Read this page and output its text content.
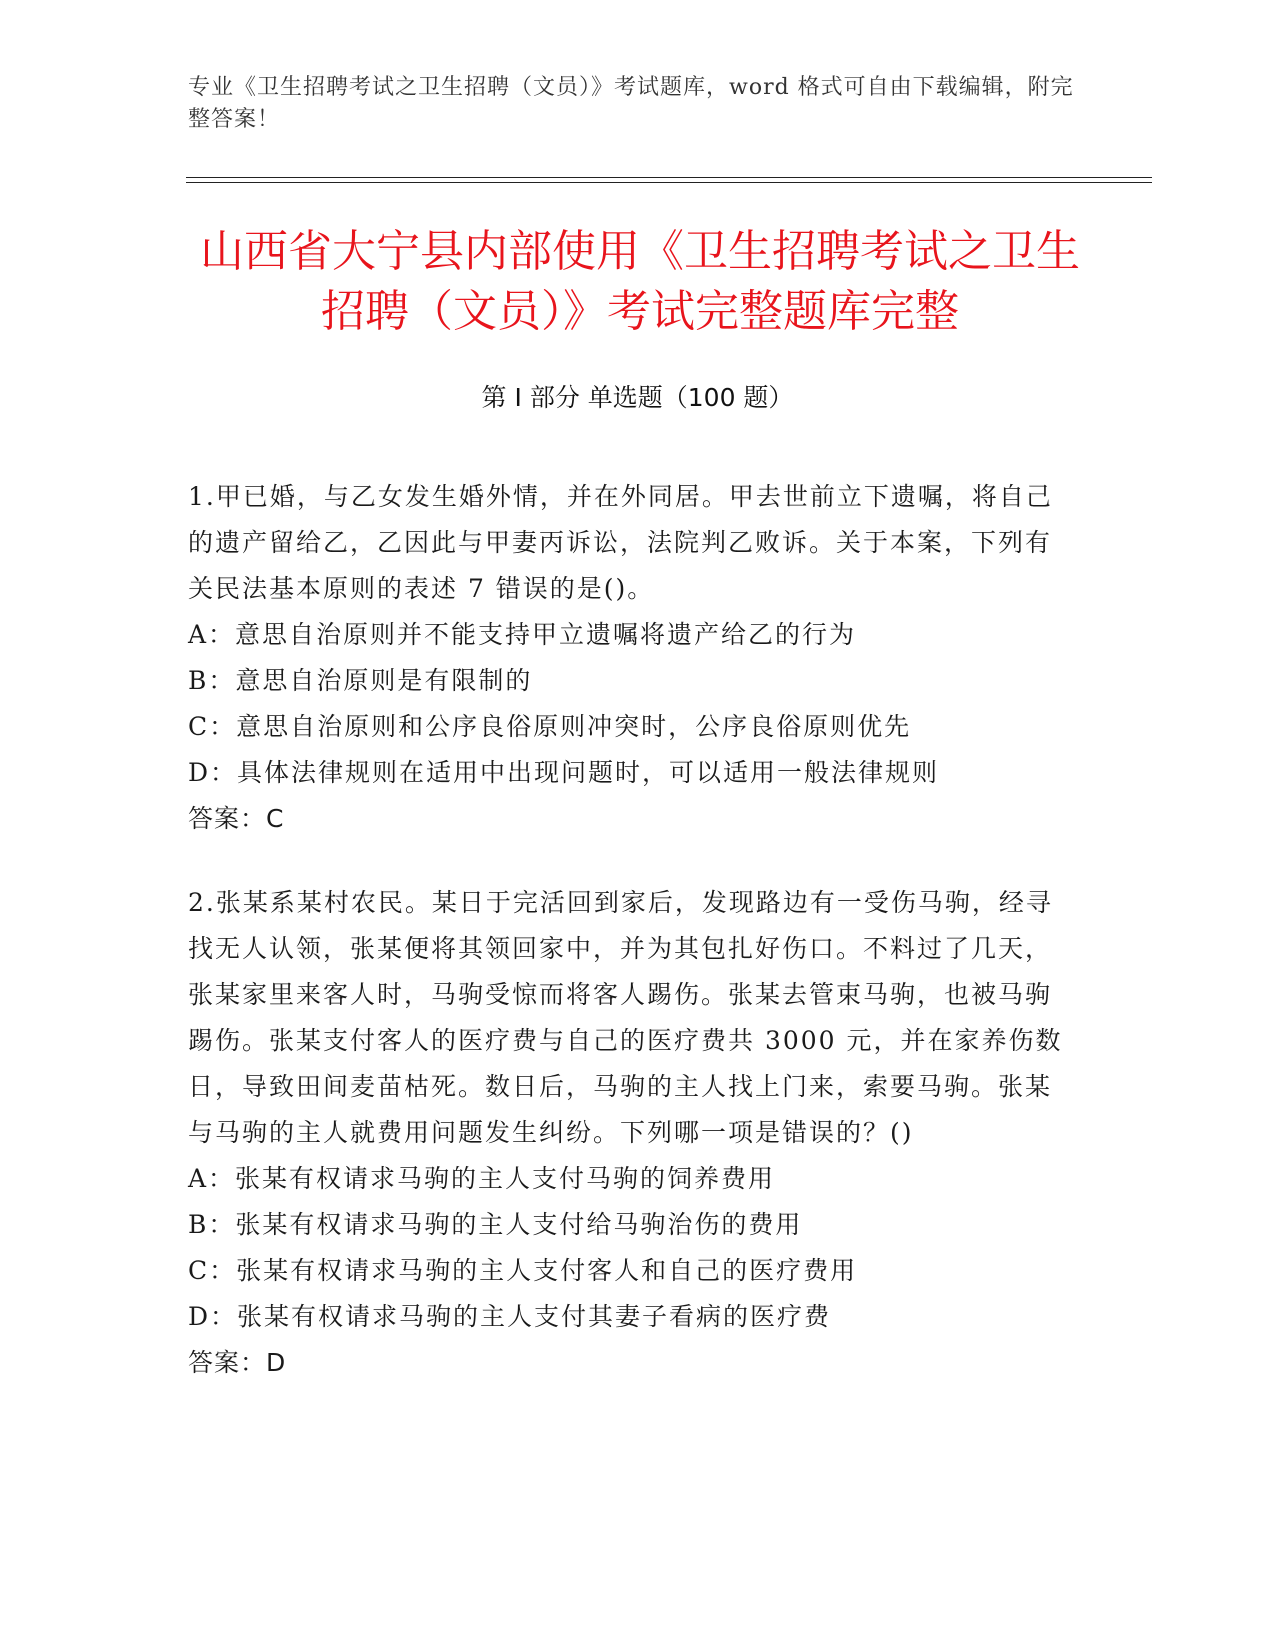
专业《卫生招聘考试之卫生招聘（文员）》考试题库，word 格式可自由下载编辑，附完整答案！
山西省大宁县内部使用《卫生招聘考试之卫生招聘（文员）》考试完整题库完整
第 I 部分 单选题（100 题）

1.甲已婚，与乙女发生婚外情，并在外同居。甲去世前立下遗嘱，将自己的遗产留给乙，乙因此与甲妻丙诉讼，法院判乙败诉。关于本案，下列有关民法基本原则的表述 7 错误的是()。

A：意思自治原则并不能支持甲立遗嘱将遗产给乙的行为

B：意思自治原则是有限制的

C：意思自治原则和公序良俗原则冲突时，公序良俗原则优先

D：具体法律规则在适用中出现问题时，可以适用一般法律规则

答案：C

2.张某系某村农民。某日于完活回到家后，发现路边有一受伤马驹，经寻找无人认领，张某便将其领回家中，并为其包扎好伤口。不料过了几天，张某家里来客人时，马驹受惊而将客人踢伤。张某去管束马驹，也被马驹踢伤。张某支付客人的医疗费与自己的医疗费共 3000 元，并在家养伤数日，导致田间麦苗枯死。数日后，马驹的主人找上门来，索要马驹。张某与马驹的主人就费用问题发生纠纷。下列哪一项是错误的？()

A：张某有权请求马驹的主人支付马驹的饲养费用

B：张某有权请求马驹的主人支付给马驹治伤的费用

C：张某有权请求马驹的主人支付客人和自己的医疗费用

D：张某有权请求马驹的主人支付其妻子看病的医疗费

答案：D
